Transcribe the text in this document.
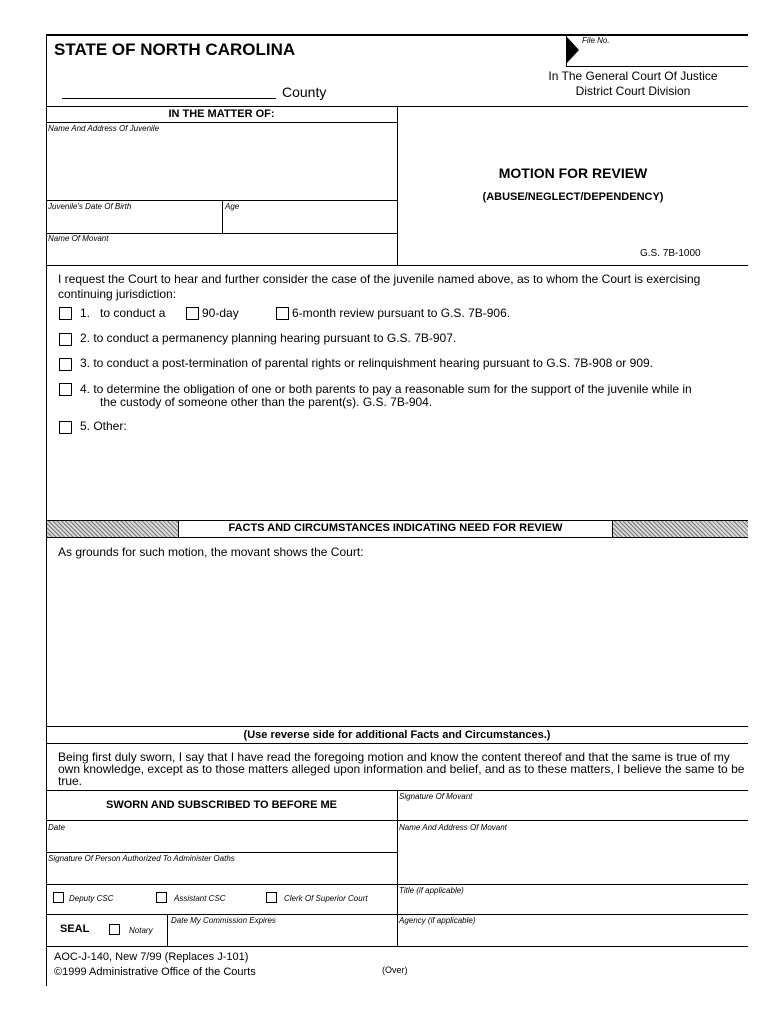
STATE OF NORTH CAROLINA	File No.
County
In The General Court Of Justice
District Court Division
IN THE MATTER OF:
Name And Address Of Juvenile
Juvenile's Date Of Birth	Age
Name Of Movant
MOTION FOR REVIEW
(ABUSE/NEGLECT/DEPENDENCY)
G.S. 7B-1000
I request the Court to hear and further consider the case of the juvenile named above, as to whom the Court is exercising
continuing jurisdiction:
1. to conduct a	90-day	6-month review pursuant to G.S. 7B-906.
2. to conduct a permanency planning hearing pursuant to G.S. 7B-907.
3. to conduct a post-termination of parental rights or relinquishment hearing pursuant to G.S. 7B-908 or 909.
4. to determine the obligation of one or both parents to pay a reasonable sum for the support of the juvenile while in
the custody of someone other than the parent(s). G.S. 7B-904.
5. Other:
FACTS AND CIRCUMSTANCES INDICATING NEED FOR REVIEW
As grounds for such motion, the movant shows the Court:
(Use reverse side for additional Facts and Circumstances.)
Being first duly sworn, I say that I have read the foregoing motion and know the content thereof and that the same is true of my
own knowledge, except as to those matters alleged upon information and belief, and as to these matters, I believe the same to be
true.
SWORN AND SUBSCRIBED TO BEFORE ME
Date
Signature Of Person Authorized To Administer Oaths
Deputy CSC	Assistant CSC	Clerk Of Superior Court
SEAL	Notary
Date My Commission Expires
Signature Of Movant
Name And Address Of Movant
Title (if applicable)
Agency (if applicable)
AOC-J-140, New 7/99 (Replaces J-101)
©1999 Administrative Office of the Courts	(Over)
